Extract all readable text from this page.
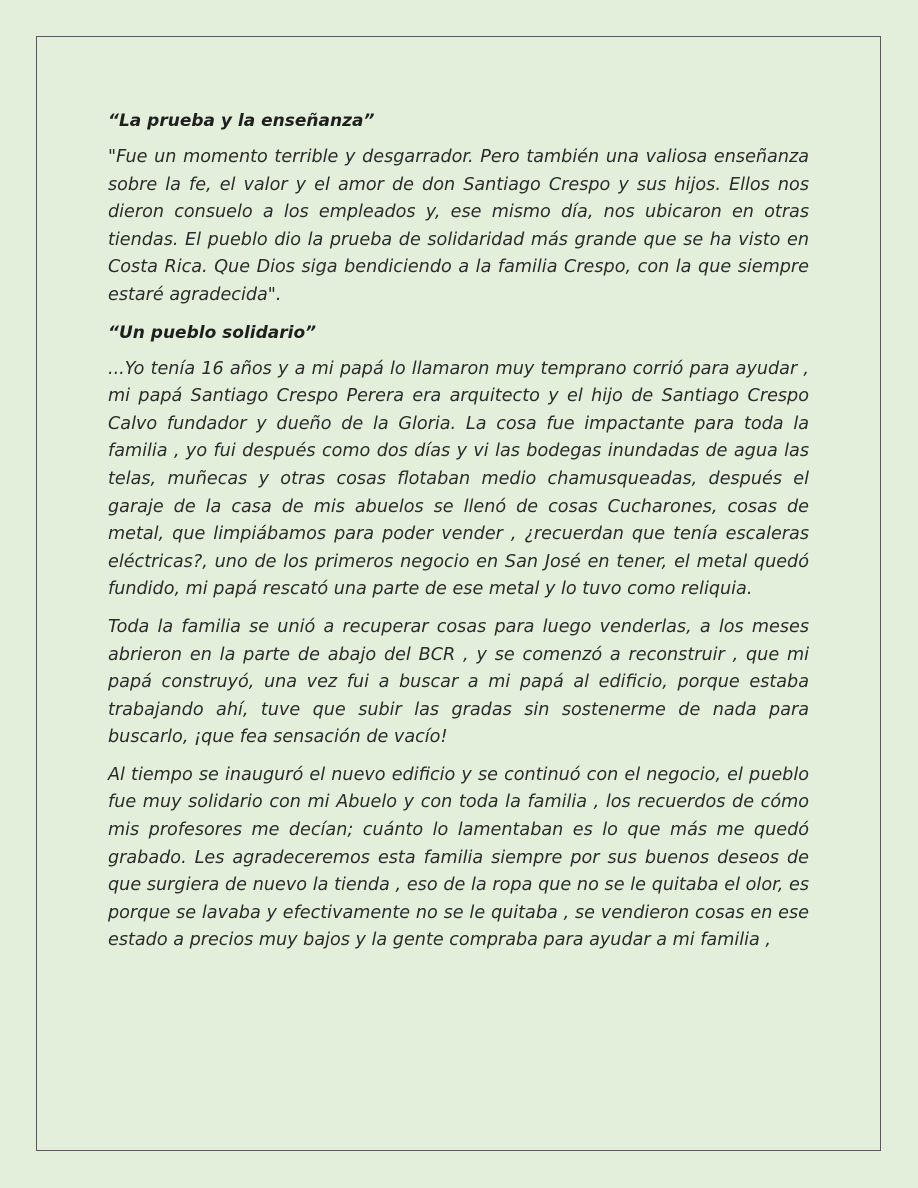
“La prueba y la enseñanza”

"Fue un momento terrible y desgarrador. Pero también una valiosa enseñanza sobre la fe, el valor y el amor de don Santiago Crespo y sus hijos. Ellos nos dieron consuelo a los empleados y, ese mismo día, nos ubicaron en otras tiendas. El pueblo dio la prueba de solidaridad más grande que se ha visto en Costa Rica. Que Dios siga bendiciendo a la familia Crespo, con la que siempre estaré agradecida".

“Un pueblo solidario”

...Yo tenía 16 años y a mi papá lo llamaron muy temprano corrió para ayudar , mi papá Santiago Crespo Perera era arquitecto y el hijo de Santiago Crespo Calvo fundador y dueño de la Gloria. La cosa fue impactante para toda la familia , yo fui después como dos días y vi las bodegas inundadas de agua las telas, muñecas y otras cosas flotaban medio chamusqueadas, después el garaje de la casa de mis abuelos se llenó de cosas Cucharones, cosas de metal, que limpiábamos para poder vender , ¿recuerdan que tenía escaleras eléctricas?, uno de los primeros negocio en San José en tener, el metal quedó fundido, mi papá rescató una parte de ese metal y lo tuvo como reliquia.

Toda la familia se unió a recuperar cosas para luego venderlas, a los meses abrieron en la parte de abajo del BCR , y se comenzó a reconstruir , que mi papá construyó, una vez fui a buscar a mi papá al edificio, porque estaba trabajando ahí, tuve que subir las gradas sin sostenerme de nada para buscarlo, ¡que fea sensación de vacío!

Al tiempo se inauguró el nuevo edificio y se continuó con el negocio, el pueblo fue muy solidario con mi Abuelo y con toda la familia , los recuerdos de cómo mis profesores me decían; cuánto lo lamentaban es lo que más me quedó grabado. Les agradeceremos esta familia siempre por sus buenos deseos de que surgiera de nuevo la tienda , eso de la ropa que no se le quitaba el olor, es porque se lavaba y efectivamente no se le quitaba , se vendieron cosas en ese estado a precios muy bajos y la gente compraba para ayudar a mi familia ,
